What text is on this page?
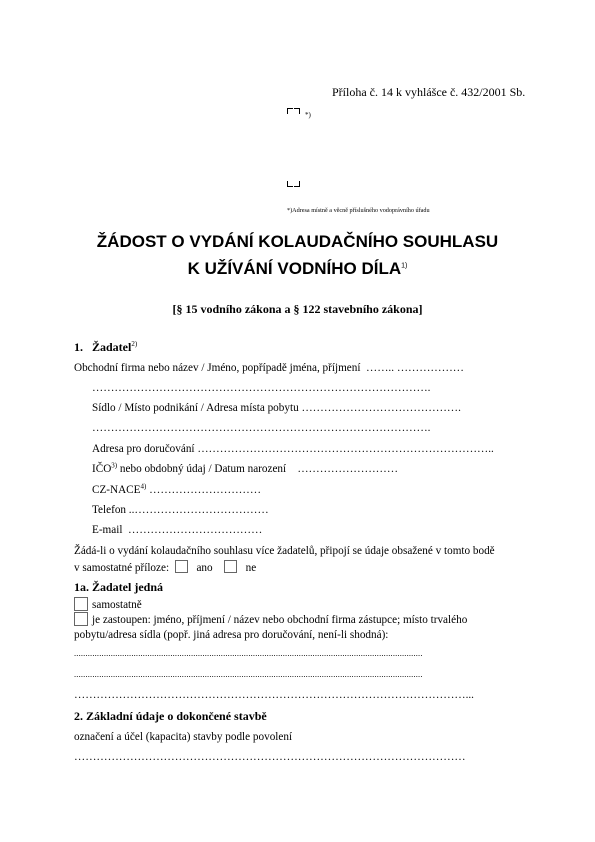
Příloha č. 14 k vyhlášce č. 432/2001 Sb.
*)
*)Adresa místně a věcně příslušného vodoprávního úřadu
ŽÁDOST O VYDÁNÍ KOLAUDAČNÍHO SOUHLASU
K UŽÍVÁNÍ VODNÍHO DÍLA$^{1)}$
[§ 15 vodního zákona a § 122 stavebního zákona]
1. Žadatel$^{2)}$
Obchodní firma nebo název / Jméno, popřípadě jména, příjmení …….. ………………
……………………………………………………………………………….
Sídlo / Místo podnikání / Adresa místa pobytu …………………………………….
……………………………………………………………………………….
Adresa pro doručování ……………………………………………………………………..
IČO$^{3)}$ nebo obdobný údaj / Datum narození ………………………
CZ-NACE$^{4)}$ …………………………
Telefon ..………………………………
E-mail ………………………………
Žádá-li o vydání kolaudačního souhlasu více žadatelů, připojí se údaje obsažené v tomto bodě
v samostatné příloze: ano	ne
1a. Žadatel jedná
samostatně
je zastoupen: jméno, příjmení / název nebo obchodní firma zástupce; místo trvalého
pobytu/adresa sídla (popř. jiná adresa pro doručování, není-li shodná):
........................................................................................................................................................
........................................................................................................................................................
……………………………………………………………………………………………...
2. Základní údaje o dokončené stavbě
označení a účel (kapacita) stavby podle povolení
……………………………………………………………………………………………
